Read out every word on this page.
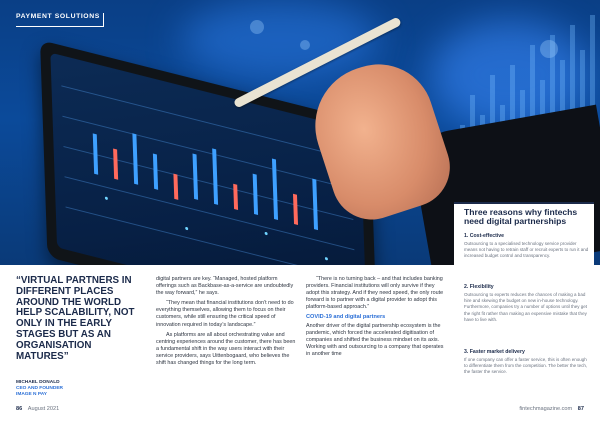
PAYMENT SOLUTIONS
Three reasons why fintechs need digital partnerships
1. Cost-effective
Outsourcing to a specialised technology service provider means not having to retrain staff or recruit experts to run it and increased budget control and transparency.
2. Flexibility
Outsourcing to experts reduces the chances of making a bad hire and skewing the budget on new in-house technology. Furthermore, companies try a number of options until they get the right fit rather than making an expensive mistake that they have to live with.
3. Faster market delivery
If one company can offer a faster service, this is often enough to differentiate them from the competition. The better the tech, the faster the service.
“VIRTUAL PARTNERS IN DIFFERENT PLACES AROUND THE WORLD HELP SCALABILITY, NOT ONLY IN THE EARLY STAGES BUT AS AN ORGANISATION MATURES”
MICHAEL DONALD
CEO AND FOUNDER
IMAGE N PAY

digital partners are key. “Managed, hosted platform offerings such as Backbase-as-a-service are undoubtedly the way forward,” he says.

“They mean that financial institutions don’t need to do everything themselves, allowing them to focus on their customers, while still ensuring the critical speed of innovation required in today’s landscape.”

As platforms are all about orchestrating value and centring experiences around the customer, there has been a fundamental shift in the way users interact with their service providers, says Uittenbogaard, who believes the shift has changed things for the long term.

“There is no turning back – and that includes banking providers. Financial institutions will only survive if they adopt this strategy. And if they need speed, the only route forward is to partner with a digital provider to adopt this platform-based approach.”

COVID-19 and digital partners

Another driver of the digital partnership ecosystem is the pandemic, which forced the accelerated digitisation of companies and shifted the business mindset on its axis. Working with and outsourcing to a company that operates in another time

86 August 2021	fintechmagazine.com 87
